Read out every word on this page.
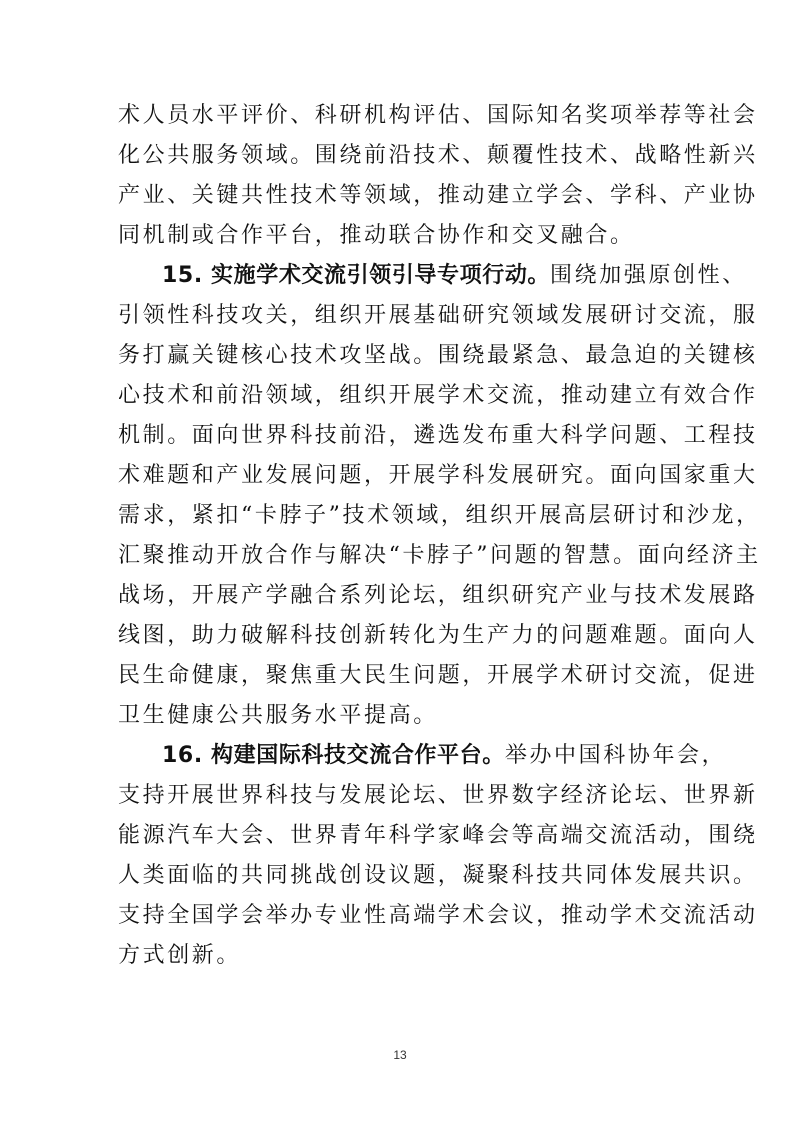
术人员水平评价、科研机构评估、国际知名奖项举荐等社会
化公共服务领域。围绕前沿技术、颠覆性技术、战略性新兴
产业、关键共性技术等领域，推动建立学会、学科、产业协
同机制或合作平台，推动联合协作和交叉融合。
15. 实施学术交流引领引导专项行动。围绕加强原创性、
引领性科技攻关，组织开展基础研究领域发展研讨交流，服
务打赢关键核心技术攻坚战。围绕最紧急、最急迫的关键核
心技术和前沿领域，组织开展学术交流，推动建立有效合作
机制。面向世界科技前沿，遴选发布重大科学问题、工程技
术难题和产业发展问题，开展学科发展研究。面向国家重大
需求，紧扣“卡脖子”技术领域，组织开展高层研讨和沙龙，
汇聚推动开放合作与解决“卡脖子”问题的智慧。面向经济主
战场，开展产学融合系列论坛，组织研究产业与技术发展路
线图，助力破解科技创新转化为生产力的问题难题。面向人
民生命健康，聚焦重大民生问题，开展学术研讨交流，促进
卫生健康公共服务水平提高。
16. 构建国际科技交流合作平台。举办中国科协年会，
支持开展世界科技与发展论坛、世界数字经济论坛、世界新
能源汽车大会、世界青年科学家峰会等高端交流活动，围绕
人类面临的共同挑战创设议题，凝聚科技共同体发展共识。
支持全国学会举办专业性高端学术会议，推动学术交流活动
方式创新。
13
